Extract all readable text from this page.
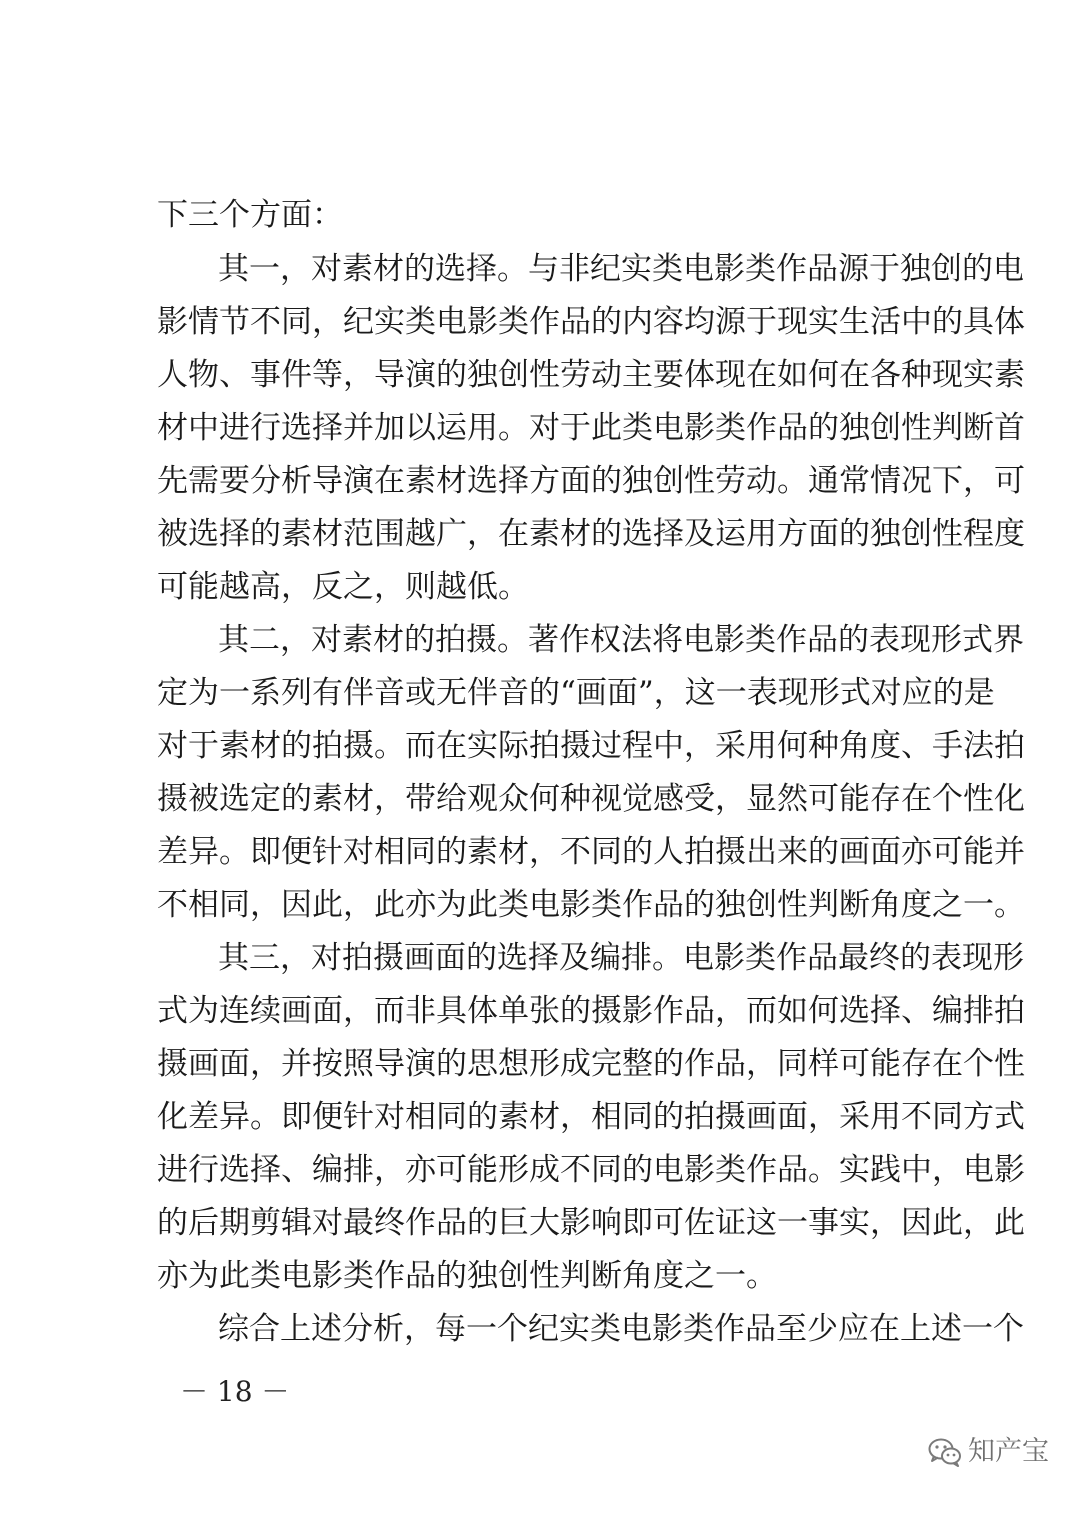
下三个方面：
其一，对素材的选择。与非纪实类电影类作品源于独创的电
影情节不同，纪实类电影类作品的内容均源于现实生活中的具体
人物、事件等，导演的独创性劳动主要体现在如何在各种现实素
材中进行选择并加以运用。对于此类电影类作品的独创性判断首
先需要分析导演在素材选择方面的独创性劳动。通常情况下，可
被选择的素材范围越广，在素材的选择及运用方面的独创性程度
可能越高，反之，则越低。
其二，对素材的拍摄。著作权法将电影类作品的表现形式界
定为一系列有伴音或无伴音的“画面”，这一表现形式对应的是
对于素材的拍摄。而在实际拍摄过程中，采用何种角度、手法拍
摄被选定的素材，带给观众何种视觉感受，显然可能存在个性化
差异。即便针对相同的素材，不同的人拍摄出来的画面亦可能并
不相同，因此，此亦为此类电影类作品的独创性判断角度之一。
其三，对拍摄画面的选择及编排。电影类作品最终的表现形
式为连续画面，而非具体单张的摄影作品，而如何选择、编排拍
摄画面，并按照导演的思想形成完整的作品，同样可能存在个性
化差异。即便针对相同的素材，相同的拍摄画面，采用不同方式
进行选择、编排，亦可能形成不同的电影类作品。实践中，电影
的后期剪辑对最终作品的巨大影响即可佐证这一事实，因此，此
亦为此类电影类作品的独创性判断角度之一。
综合上述分析，每一个纪实类电影类作品至少应在上述一个
－ 18 －
知产宝
